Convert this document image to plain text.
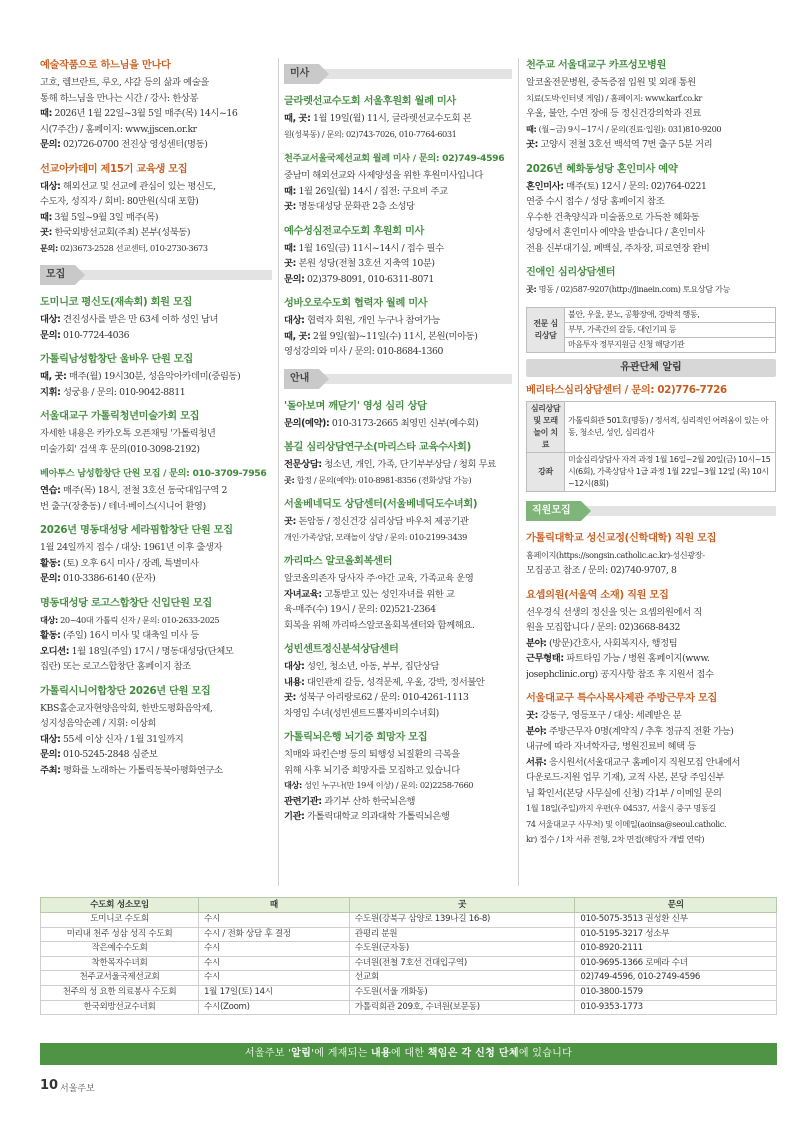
예술작품으로 하느님을 만나다

고흐, 렘브란트, 루오, 샤갈 등의 삶과 예술을

통해 하느님을 만나는 시간 / 강사: 한상봉

때: 2026년 1월 22일~3월 5일 매주(목) 14시~16

시(7주간) / 홈페이지: www.jjscen.or.kr

문의: 02)726-0700 전진상 영성센터(명동)

선교아카데미 제15기 교육생 모집

대상: 해외선교 및 선교에 관심이 있는 평신도,

수도자, 성직자 / 회비: 80만원(식대 포함)

때: 3월 5일~9월 3일 매주(목)

곳: 한국외방선교회(주최) 본부(성북동)

문의: 02)3673-2528 선교센터, 010-2730-3673

모집
도미니코 평신도(재속회) 회원 모집

대상: 견진성사를 받은 만 63세 이하 성인 남녀

문의: 010-7724-4036

가톨릭남성합창단 울바우 단원 모집

때, 곳: 매주(월) 19시30분, 성음악아카데미(중림동)

지휘: 성궁용 / 문의: 010-9042-8811

서울대교구 가톨릭청년미술가회 모집

자세한 내용은 카카오톡 오픈채팅 '가톨릭청년

미술가회' 검색 후 문의(010-3098-2192)

베아투스 남성합창단 단원 모집 / 문의: 010-3709-7956

연습: 매주(목) 18시, 전철 3호선 동국대입구역 2

번 출구(장충동) / 테너·베이스(시니어 환영)

2026년 명동대성당 세라핌합창단 단원 모집

1월 24일까지 접수 / 대상: 1961년 이후 출생자

활동: (토) 오후 6시 미사 / 장례, 특별미사

문의: 010-3386-6140 (문자)

명동대성당 로고스합창단 신입단원 모집

대상: 20~40대 가톨릭 신자 / 문의: 010-2633-2025

활동: (주일) 16시 미사 및 대축일 미사 등

오디션: 1월 18일(주일) 17시 / 명동대성당(단체모

집란) 또는 로고스합창단 홈페이지 참조

가톨릭시니어합창단 2026년 단원 모집

KBS홀순교자현양음악회, 한반도평화음악제,

성지성음악순례 / 지휘: 이상희

대상: 55세 이상 신자 / 1월 31일까지

문의: 010-5245-2848 심준보

주최: 평화를 노래하는 가톨릭동북아평화연구소

미사
글라렛선교수도회 서울후원회 월례 미사

때, 곳: 1월 19일(월) 11시, 글라렛선교수도회 본

원(성북동) / 문의: 02)743-7026, 010-7764-6031

천주교서울국제선교회 월례 미사 / 문의: 02)749-4596

중남미 해외선교와 사제양성을 위한 후원미사입니다

때: 1월 26일(월) 14시 / 집전: 구요비 주교

곳: 명동대성당 문화관 2층 소성당

예수성심전교수도회 후원회 미사

때: 1월 16일(금) 11시~14시 / 접수 필수

곳: 본원 성당(전철 3호선 지축역 10분)

문의: 02)379-8091, 010-6311-8071

성바오로수도회 협력자 월례 미사

대상: 협력자 회원, 개인 누구나 참여가능

때, 곳: 2월 9일(월)~11일(수) 11시, 본원(미아동)

영성강의와 미사 / 문의: 010-8684-1360

안내
'돌아보며 깨닫기' 영성 심리 상담

문의(예약): 010-3173-2665 최영민 신부(예수회)

봄길 심리상담연구소(마리스타 교육수사회)

전문상담: 청소년, 개인, 가족, 단기부부상담 / 청회 무료

곳: 합정 / 문의(예약): 010-8981-8356 (전화상담 가능)

서울베네딕도 상담센터(서울베네딕도수녀회)

곳: 돈암동 / 정신건강 심리상담 바우처 제공기관

개인·가족상담, 모래놀이 상담 / 문의: 010-2199-3439

까리따스 알코올회복센터

알코올의존자 당사자 주·야간 교육, 가족교육 운영

자녀교육: 고통받고 있는 성인자녀를 위한 교

육-매주(수) 19시 / 문의: 02)521-2364

회복을 위해 까리따스알코올회복센터와 함께해요.

성빈센트정신분석상담센터

대상: 성인, 청소년, 아동, 부부, 집단상담

내용: 대인관계 갈등, 성격문제, 우울, 강박, 정서불안

곳: 성북구 아리랑로62 / 문의: 010-4261-1113

차영임 수녀(성빈센트드뽈자비의수녀회)

가톨릭뇌은행 뇌기증 희망자 모집

치매와 파킨슨병 등의 퇴행성 뇌질환의 극복을

위해 사후 뇌기증 희망자를 모집하고 있습니다

대상: 성인 누구나(만 19세 이상) / 문의: 02)2258-7660

관련기관: 과기부 산하 한국뇌은행

기관: 가톨릭대학교 의과대학 가톨릭뇌은행

천주교 서울대교구 카프성모병원

알코올전문병원, 중독증점 입원 및 외래 통원

치료(도박·인터넷 게임) / 홈페이지: www.karf.co.kr

우울, 불안, 수면 장애 등 정신건강의학과 진료

때: (월~금) 9시~17시 / 문의(진료·입원): 031)810-9200

곳: 고양시 전철 3호선 백석역 7번 출구 5분 거리

2026년 혜화동성당 혼인미사 예약

혼인미사: 매주(토) 12시 / 문의: 02)764-0221

연중 수시 접수 / 성당 홈페이지 참조

우수한 건축양식과 미술품으로 가득찬 혜화동

성당에서 혼인미사 예약을 받습니다 / 혼인미사

전용 신부대기실, 폐백실, 주차장, 피로연장 완비

진애인 심리상담센터

곳: 명동 / 02)587-9207(http://jinaein.com) 토요상담 가능

전문 심리상담	불안, 우울, 분노, 공황장애, 강박적 행동,
부부, 가족간의 갈등, 대인기피 등
마음투자 정부지원금 신청 해당기관
유관단체 알림
베리타스심리상담센터 / 문의: 02)776-7726
심리상담 및 모래놀이 치료	가톨릭회관 501호(명동) / 정서적, 심리적인 어려움이 있는 아동, 청소년, 성인, 심리검사
강좌	미술심리상담사 자격 과정 1월 16일~2월 20일(금) 10시~15시(6회), 가족상담사 1급 과정 1월 22일~3월 12일 (목) 10시~12시(8회)
직원모집
가톨릭대학교 성신교정(신학대학) 직원 모집

홈페이지(https://songsin.catholic.ac.kr)-성신광장-

모집공고 참조 / 문의: 02)740-9707, 8

요셉의원(서울역 소재) 직원 모집

선우경식 선생의 정신을 잇는 요셉의원에서 직

원을 모집합니다 / 문의: 02)3668-8432

분야: (방문)간호사, 사회복지사, 행정팀

근무형태: 파트타임 가능 / 병원 홈페이지(www.

josephclinic.org) 공지사항 참조 후 지원서 접수

서울대교구 특수사목사제관 주방근무자 모집

곳: 강동구, 영등포구 / 대상: 세례받은 분

분야: 주방근무자 0명(계약직 / 추후 정규직 전환 가능)

내규에 따라 자녀학자금, 병원진료비 혜택 등

서류: 응시원서(서울대교구 홈페이지 직원모집 안내에서

다운로드-지원 업무 기재), 교적 사본, 본당 주임신부

님 확인서(본당 사무실에 신청) 각1부 / 이메일 문의

1월 18일(주일)까지 우편(우 04537, 서울시 중구 명동길

74 서울대교구 사무처) 및 이메일(aoinsa@seoul.catholic.

kr) 접수 / 1차 서류 전형, 2차 면접(해당자 개별 연락)

수도회 성소모임	때	곳	문의
도미니코 수도회	수시	수도원(강북구 삼양로 139나길 16-8)	010-5075-3513 권성환 신부
미리내 천주 성삼 성직 수도회	수시 / 전화 상담 후 결정	관평리 분원	010-5195-3217 성소부
작은예수수도회	수시	수도원(군자동)	010-8920-2111
착한목자수녀회	수시	수녀원(전철 7호선 건대입구역)	010-9695-1366 로메라 수녀
천주교서울국제선교회	수시	선교회	02)749-4596, 010-2749-4596
천주의 성 요한 의료봉사 수도회	1월 17일(토) 14시	수도원(서울 개화동)	010-3800-1579
한국외방선교수녀회	수시(Zoom)	가톨릭회관 209호, 수녀원(보문동)	010-9353-1773
서울주보 '알림'에 게재되는 내용에 대한 책임은 각 신청 단체에 있습니다
10 서울주보
